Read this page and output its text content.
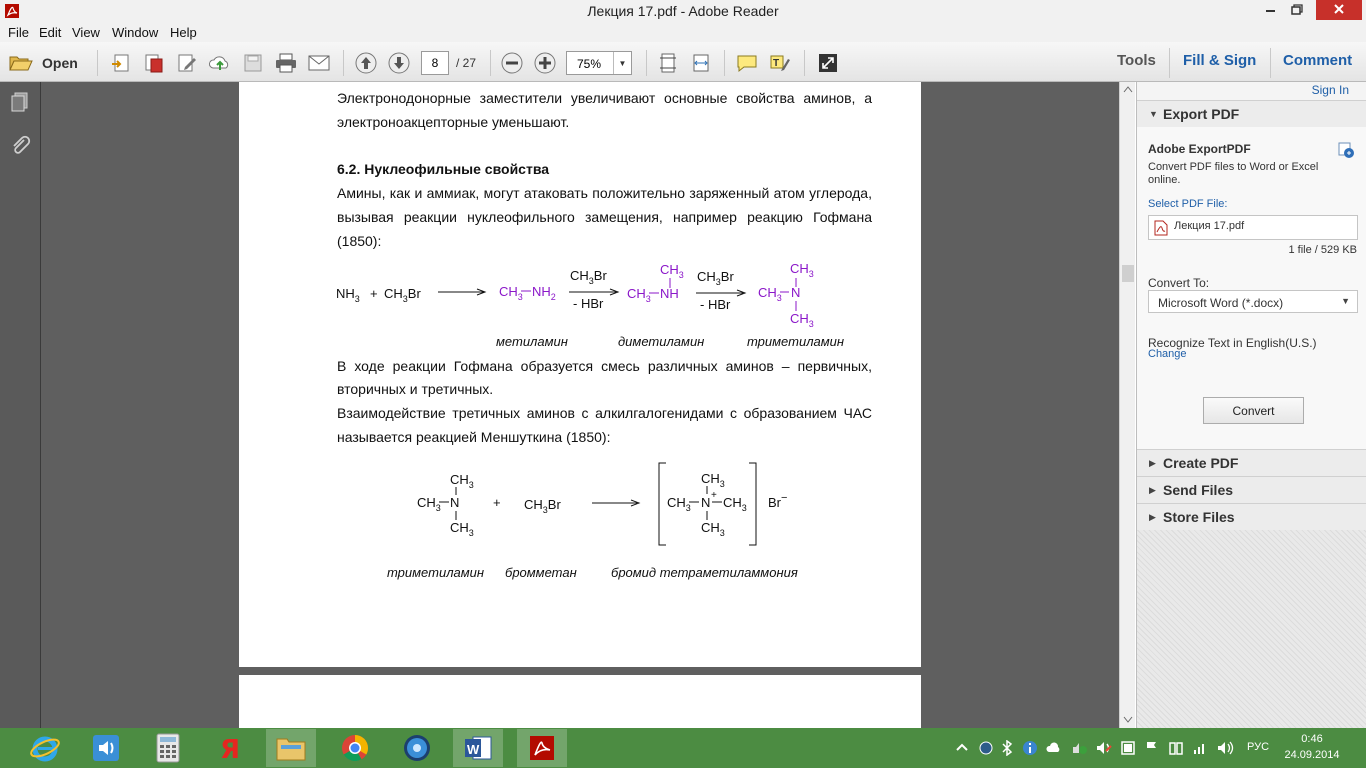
Лекция 17.pdf - Adobe Reader
File Edit View Window Help
Open	8	/ 27	75%	▼	T	Tools Fill & Sign Comment
Электронодонорные заместители увеличивают основные свойства аминов, а
электроноакцепторные уменьшают.
6.2. Нуклеофильные свойства
Амины, как и аммиак, могут атаковать положительно заряженный атом углерода,
вызывая реакции нуклеофильного замещения, например реакцию Гофмана
(1850):
$NH_3 + CH_3Br$	$CH_3$ $NH_2$
$CH_3Br$
- HBr
$CH_3$
$CH_3$ NH
$CH_3Br$
- HBr
$CH_3$
$CH_3$ N
$CH_3$
метиламин	диметиламин	триметиламин
В ходе реакции Гофмана образуется смесь различных аминов – первичных,
вторичных и третичных.
Взаимодействие третичных аминов с алкилгалогенидами с образованием ЧАС
называется реакцией Меншуткина (1850):
$CH_3$
$CH_3$ N
$CH_3$
+ $CH_3Br$
$CH_3$
$CH_3$ $N + CH_3$
$CH_3$
Br−
триметиламин бромметан	бромид тетраметиламмония
Sign In
▼ Export PDF
Adobe ExportPDF
Convert PDF files to Word or Excel
online.
Select PDF File:
Лекция 17.pdf
1 file / 529 KB
Convert To:
Microsoft Word (*.docx)	▼
Recognize Text in English(U.S.)
Change
Convert
▶ Create PDF
▶ Send Files
▶ Store Files
Я	W	РУС
0:46
24.09.2014
